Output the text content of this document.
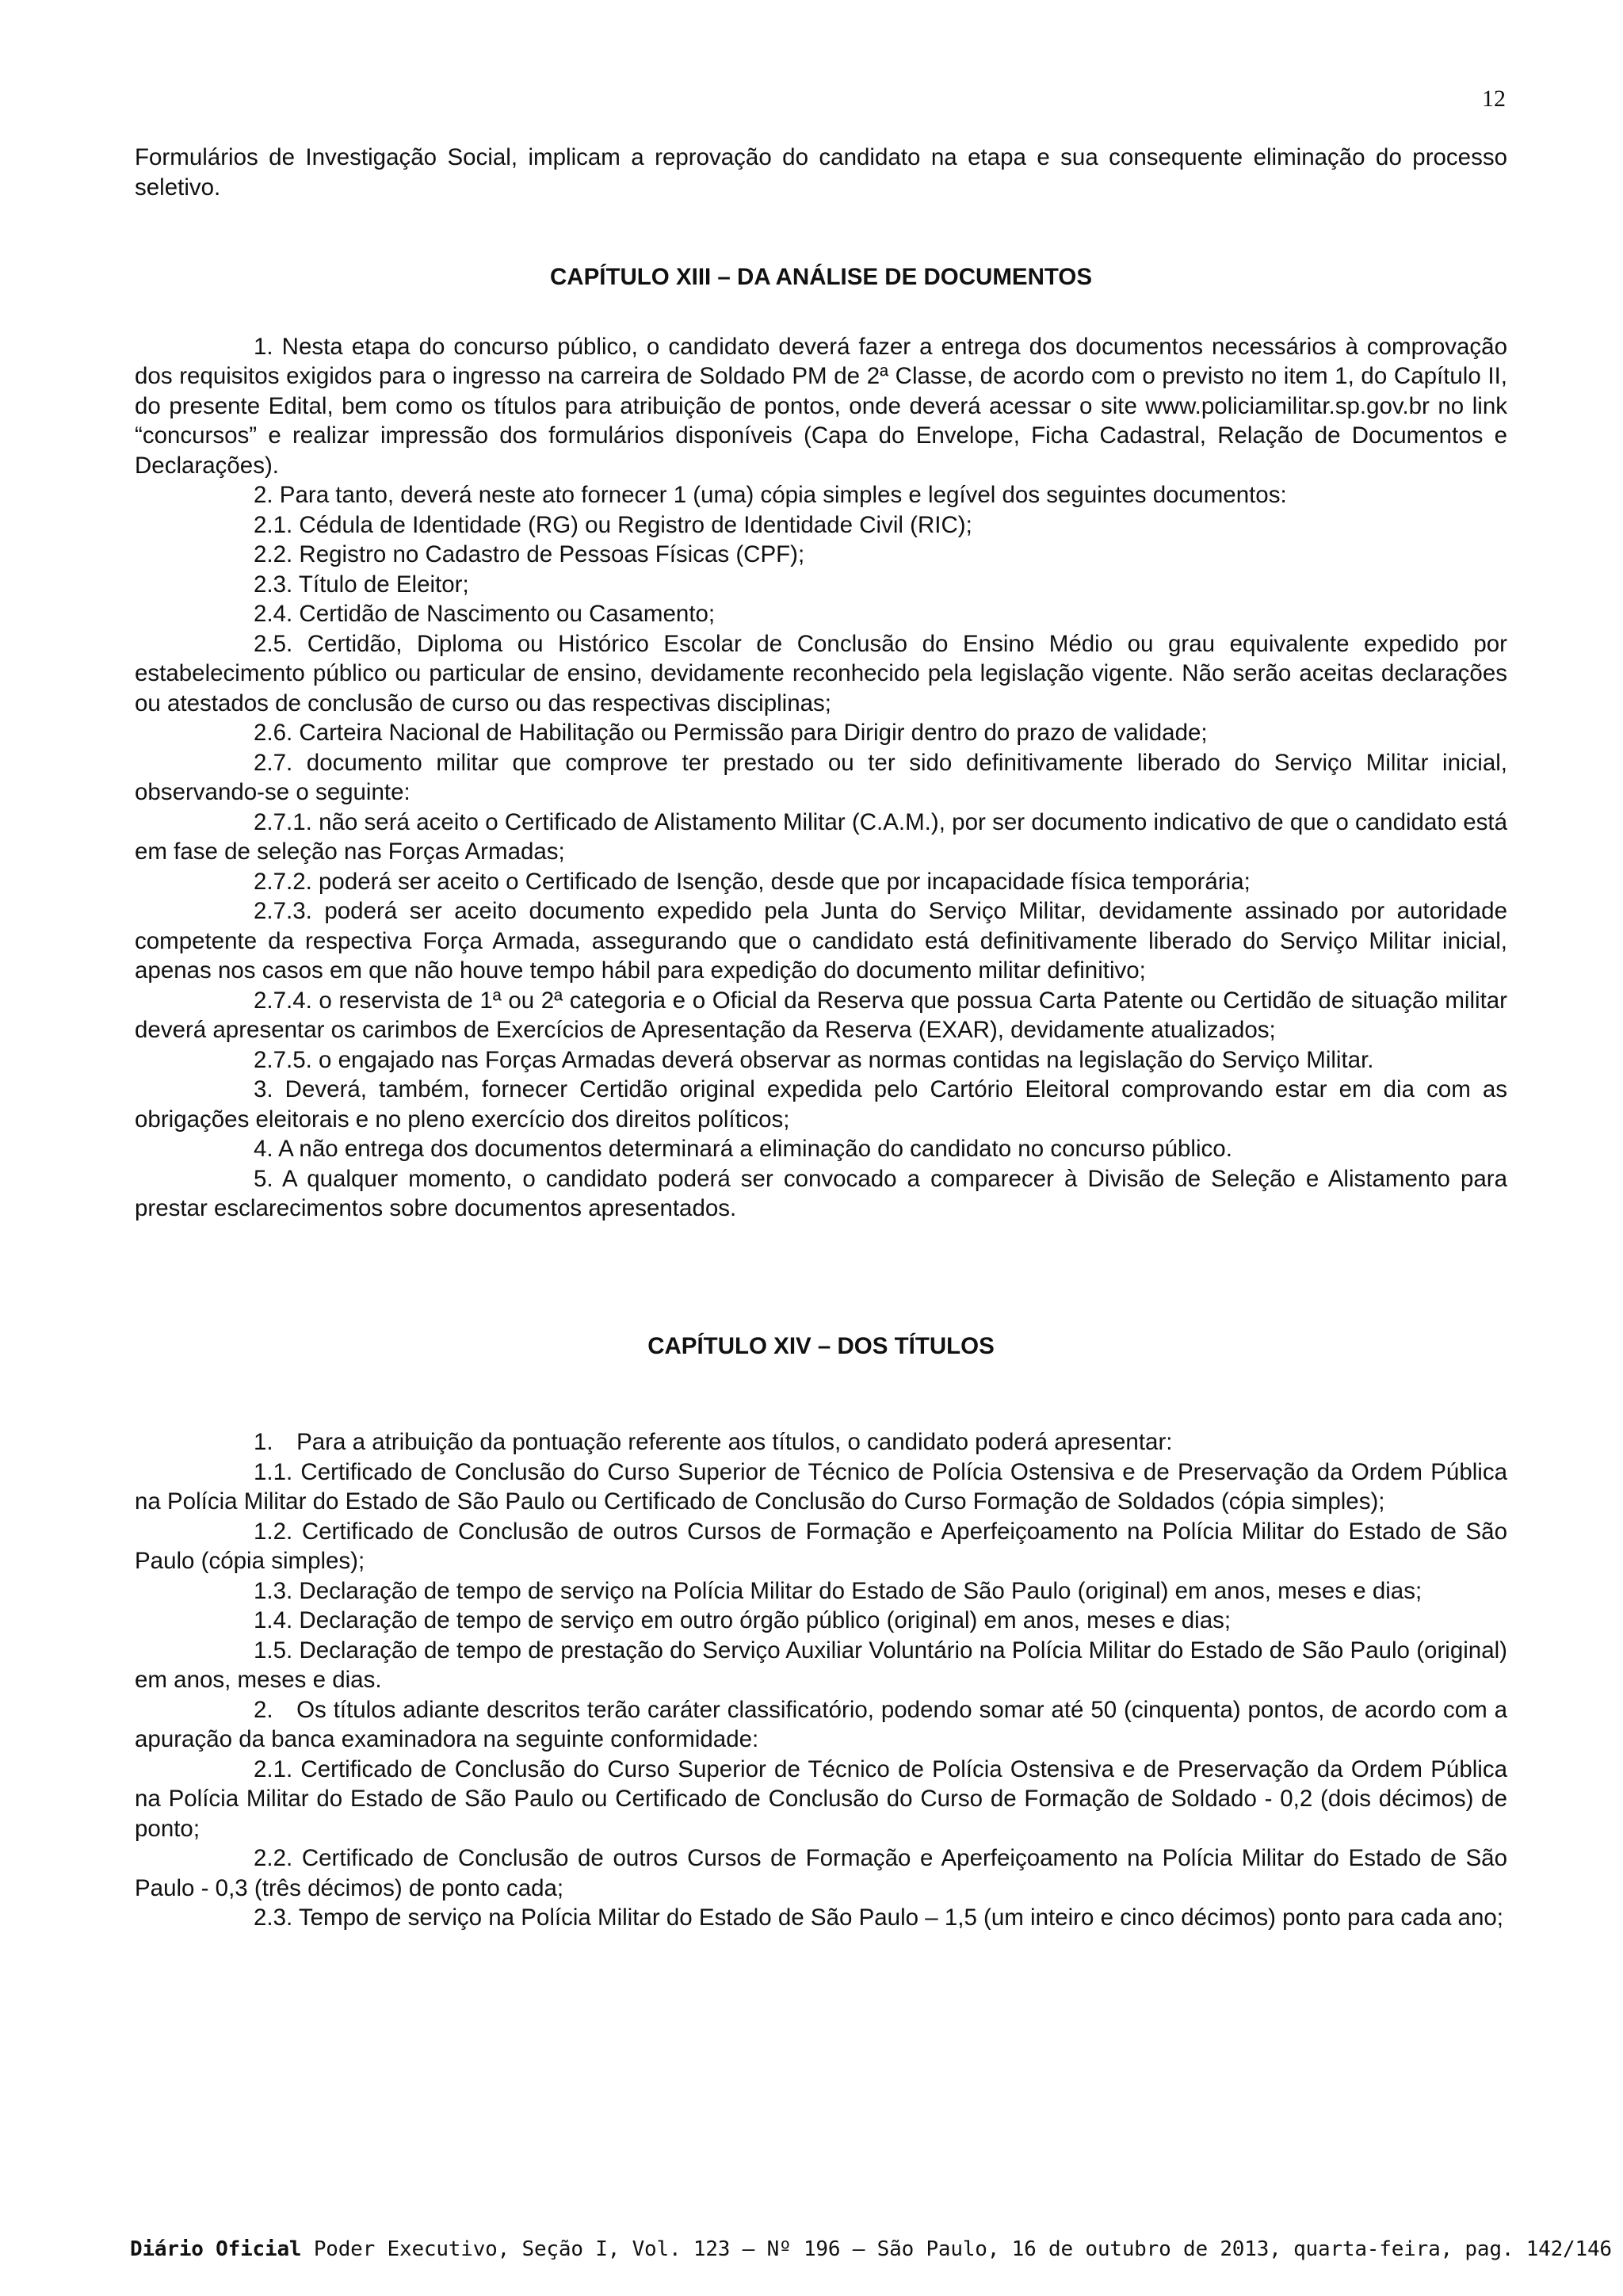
12

Formulários de Investigação Social, implicam a reprovação do candidato na etapa e sua consequente eliminação do processo seletivo.

CAPÍTULO XIII – DA ANÁLISE DE DOCUMENTOS

1. Nesta etapa do concurso público, o candidato deverá fazer a entrega dos documentos necessários à comprovação dos requisitos exigidos para o ingresso na carreira de Soldado PM de 2ª Classe, de acordo com o previsto no item 1, do Capítulo II, do presente Edital, bem como os títulos para atribuição de pontos, onde deverá acessar o site www.policiamilitar.sp.gov.br no link “concursos” e realizar impressão dos formulários disponíveis (Capa do Envelope, Ficha Cadastral, Relação de Documentos e Declarações).

2. Para tanto, deverá neste ato fornecer 1 (uma) cópia simples e legível dos seguintes documentos:

2.1. Cédula de Identidade (RG) ou Registro de Identidade Civil (RIC);

2.2. Registro no Cadastro de Pessoas Físicas (CPF);

2.3. Título de Eleitor;

2.4. Certidão de Nascimento ou Casamento;

2.5. Certidão, Diploma ou Histórico Escolar de Conclusão do Ensino Médio ou grau equivalente expedido por estabelecimento público ou particular de ensino, devidamente reconhecido pela legislação vigente. Não serão aceitas declarações ou atestados de conclusão de curso ou das respectivas disciplinas;

2.6. Carteira Nacional de Habilitação ou Permissão para Dirigir dentro do prazo de validade;

2.7. documento militar que comprove ter prestado ou ter sido definitivamente liberado do Serviço Militar inicial, observando-se o seguinte:

2.7.1. não será aceito o Certificado de Alistamento Militar (C.A.M.), por ser documento indicativo de que o candidato está em fase de seleção nas Forças Armadas;

2.7.2. poderá ser aceito o Certificado de Isenção, desde que por incapacidade física temporária;

2.7.3. poderá ser aceito documento expedido pela Junta do Serviço Militar, devidamente assinado por autoridade competente da respectiva Força Armada, assegurando que o candidato está definitivamente liberado do Serviço Militar inicial, apenas nos casos em que não houve tempo hábil para expedição do documento militar definitivo;

2.7.4. o reservista de 1ª ou 2ª categoria e o Oficial da Reserva que possua Carta Patente ou Certidão de situação militar deverá apresentar os carimbos de Exercícios de Apresentação da Reserva (EXAR), devidamente atualizados;

2.7.5. o engajado nas Forças Armadas deverá observar as normas contidas na legislação do Serviço Militar.

3. Deverá, também, fornecer Certidão original expedida pelo Cartório Eleitoral comprovando estar em dia com as obrigações eleitorais e no pleno exercício dos direitos políticos;

4. A não entrega dos documentos determinará a eliminação do candidato no concurso público.

5. A qualquer momento, o candidato poderá ser convocado a comparecer à Divisão de Seleção e Alistamento para prestar esclarecimentos sobre documentos apresentados.

CAPÍTULO XIV – DOS TÍTULOS

1. Para a atribuição da pontuação referente aos títulos, o candidato poderá apresentar:

1.1. Certificado de Conclusão do Curso Superior de Técnico de Polícia Ostensiva e de Preservação da Ordem Pública na Polícia Militar do Estado de São Paulo ou Certificado de Conclusão do Curso Formação de Soldados (cópia simples);

1.2. Certificado de Conclusão de outros Cursos de Formação e Aperfeiçoamento na Polícia Militar do Estado de São Paulo (cópia simples);

1.3. Declaração de tempo de serviço na Polícia Militar do Estado de São Paulo (original) em anos, meses e dias;

1.4. Declaração de tempo de serviço em outro órgão público (original) em anos, meses e dias;

1.5. Declaração de tempo de prestação do Serviço Auxiliar Voluntário na Polícia Militar do Estado de São Paulo (original) em anos, meses e dias.

2. Os títulos adiante descritos terão caráter classificatório, podendo somar até 50 (cinquenta) pontos, de acordo com a apuração da banca examinadora na seguinte conformidade:

2.1. Certificado de Conclusão do Curso Superior de Técnico de Polícia Ostensiva e de Preservação da Ordem Pública na Polícia Militar do Estado de São Paulo ou Certificado de Conclusão do Curso de Formação de Soldado - 0,2 (dois décimos) de ponto;

2.2. Certificado de Conclusão de outros Cursos de Formação e Aperfeiçoamento na Polícia Militar do Estado de São Paulo - 0,3 (três décimos) de ponto cada;

2.3. Tempo de serviço na Polícia Militar do Estado de São Paulo – 1,5 (um inteiro e cinco décimos) ponto para cada ano;

Diário Oficial Poder Executivo, Seção I, Vol. 123 – Nº 196 – São Paulo, 16 de outubro de 2013, quarta-feira, pag. 142/146
